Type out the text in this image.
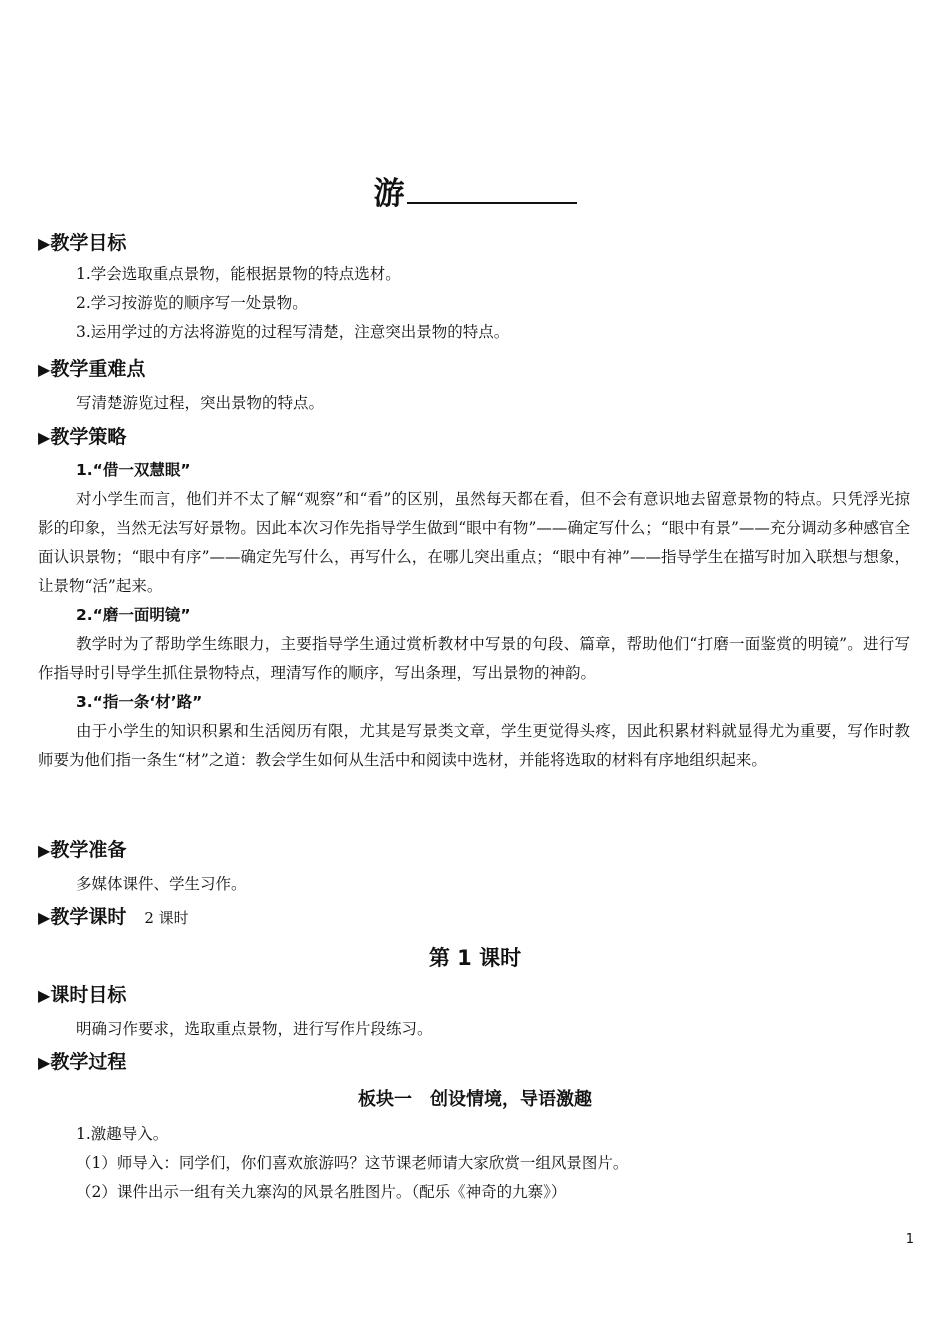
游
▶教学目标
1.学会选取重点景物，能根据景物的特点选材。
2.学习按游览的顺序写一处景物。
3.运用学过的方法将游览的过程写清楚，注意突出景物的特点。
▶教学重难点
写清楚游览过程，突出景物的特点。
▶教学策略
1.“借一双慧眼”
对小学生而言，他们并不太了解“观察”和“看”的区别，虽然每天都在看，但不会有意识地去留意景物的特点。只凭浮光掠影的印象，当然无法写好景物。因此本次习作先指导学生做到“眼中有物”——确定写什么；“眼中有景”——充分调动多种感官全面认识景物；“眼中有序”——确定先写什么，再写什么，在哪儿突出重点；“眼中有神”——指导学生在描写时加入联想与想象，让景物“活”起来。
2.“磨一面明镜”
教学时为了帮助学生练眼力，主要指导学生通过赏析教材中写景的句段、篇章，帮助他们“打磨一面鉴赏的明镜”。进行写作指导时引导学生抓住景物特点，理清写作的顺序，写出条理，写出景物的神韵。
3.“指一条‘材’路”
由于小学生的知识积累和生活阅历有限，尤其是写景类文章，学生更觉得头疼，因此积累材料就显得尤为重要，写作时教师要为他们指一条生“材”之道：教会学生如何从生活中和阅读中选材，并能将选取的材料有序地组织起来。
▶教学准备
多媒体课件、学生习作。
▶教学课时 2 课时
第 1 课时
▶课时目标
明确习作要求，选取重点景物，进行写作片段练习。
▶教学过程
板块一　创设情境，导语激趣
1.激趣导入。
（1）师导入：同学们，你们喜欢旅游吗？这节课老师请大家欣赏一组风景图片。
（2）课件出示一组有关九寨沟的风景名胜图片。（配乐《神奇的九寨》）
1
